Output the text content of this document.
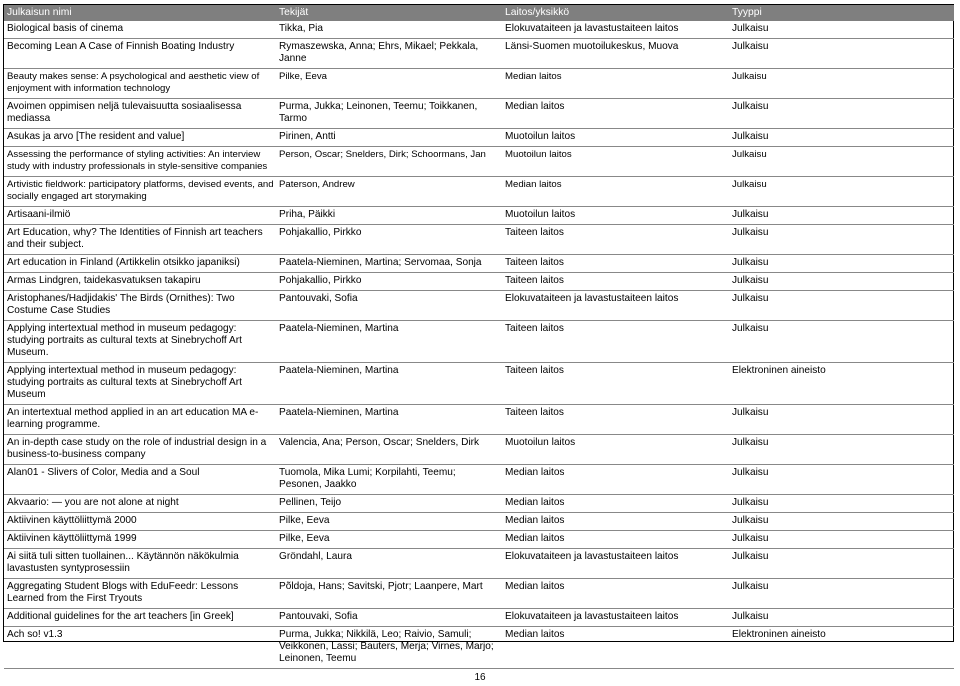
Julkaisun nimi	Tekijät	Laitos/yksikkö	Tyyppi
Biological basis of cinema	Tikka, Pia	Elokuvataiteen ja lavastustaiteen laitos	Julkaisu
Becoming Lean A Case of Finnish Boating Industry	Rymaszewska, Anna; Ehrs, Mikael; Pekkala, Janne	Länsi-Suomen muotoilukeskus, Muova	Julkaisu
Beauty makes sense: A psychological and aesthetic view of enjoyment with information technology	Pilke, Eeva	Median laitos	Julkaisu
Avoimen oppimisen neljä tulevaisuutta sosiaalisessa mediassa	Purma, Jukka; Leinonen, Teemu; Toikkanen, Tarmo	Median laitos	Julkaisu
Asukas ja arvo [The resident and value]	Pirinen, Antti	Muotoilun laitos	Julkaisu
Assessing the performance of styling activities: An interview study with industry professionals in style-sensitive companies	Person, Oscar; Snelders, Dirk; Schoormans, Jan	Muotoilun laitos	Julkaisu
Artivistic fieldwork: participatory platforms, devised events, and socially engaged art storymaking	Paterson, Andrew	Median laitos	Julkaisu
Artisaani-ilmiö	Priha, Päikki	Muotoilun laitos	Julkaisu
Art Education, why? The Identities of Finnish art teachers and their subject.	Pohjakallio, Pirkko	Taiteen laitos	Julkaisu
Art education in Finland (Artikkelin otsikko japaniksi)	Paatela-Nieminen, Martina; Servomaa, Sonja	Taiteen laitos	Julkaisu
Armas Lindgren, taidekasvatuksen takapiru	Pohjakallio, Pirkko	Taiteen laitos	Julkaisu
Aristophanes/Hadjidakis' The Birds (Ornithes): Two Costume Case Studies	Pantouvaki, Sofia	Elokuvataiteen ja lavastustaiteen laitos	Julkaisu
Applying intertextual method in museum pedagogy: studying portraits as cultural texts at Sinebrychoff Art Museum.	Paatela-Nieminen, Martina	Taiteen laitos	Julkaisu
Applying intertextual method in museum pedagogy: studying portraits as cultural texts at Sinebrychoff Art Museum	Paatela-Nieminen, Martina	Taiteen laitos	Elektroninen aineisto
An intertextual method applied in an art education MA e-learning programme.	Paatela-Nieminen, Martina	Taiteen laitos	Julkaisu
An in-depth case study on the role of industrial design in a business-to-business company	Valencia, Ana; Person, Oscar; Snelders, Dirk	Muotoilun laitos	Julkaisu
Alan01 - Slivers of Color, Media and a Soul	Tuomola, Mika Lumi; Korpilahti, Teemu; Pesonen, Jaakko	Median laitos	Julkaisu
Akvaario: — you are not alone at night	Pellinen, Teijo	Median laitos	Julkaisu
Aktiivinen käyttöliittymä 2000	Pilke, Eeva	Median laitos	Julkaisu
Aktiivinen käyttöliittymä 1999	Pilke, Eeva	Median laitos	Julkaisu
Ai siitä tuli sitten tuollainen... Käytännön näkökulmia lavastusten syntyprosessiin	Gröndahl, Laura	Elokuvataiteen ja lavastustaiteen laitos	Julkaisu
Aggregating Student Blogs with EduFeedr: Lessons Learned from the First Tryouts	Põldoja, Hans; Savitski, Pjotr; Laanpere, Mart	Median laitos	Julkaisu
Additional guidelines for the art teachers [in Greek]	Pantouvaki, Sofia	Elokuvataiteen ja lavastustaiteen laitos	Julkaisu
Ach so! v1.3	Purma, Jukka; Nikkilä, Leo; Raivio, Samuli; Veikkonen, Lassi; Bauters, Merja; Virnes, Marjo; Leinonen, Teemu	Median laitos	Elektroninen aineisto
16
